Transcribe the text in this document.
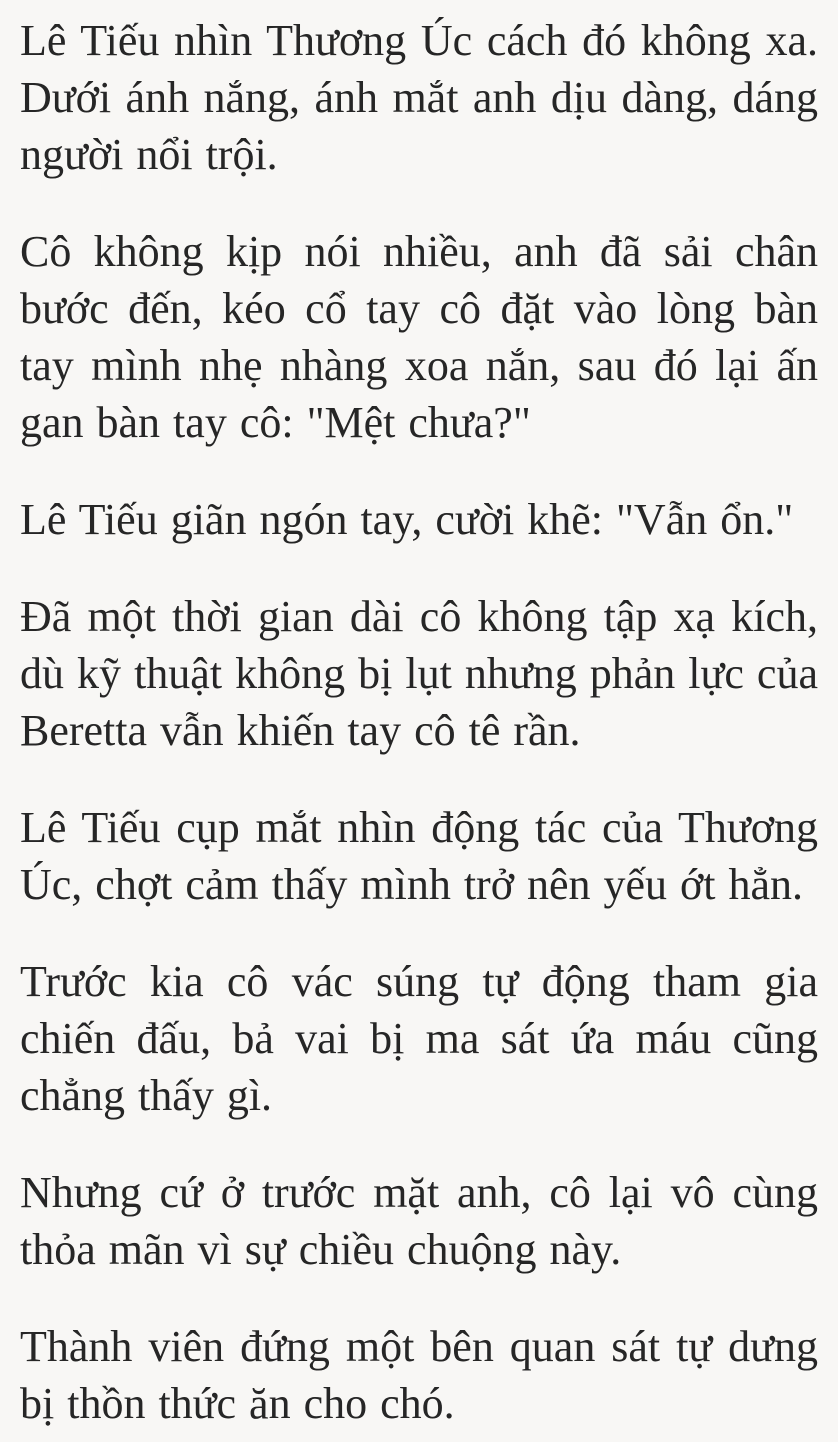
Lê Tiếu nhìn Thương Úc cách đó không xa. Dưới ánh nắng, ánh mắt anh dịu dàng, dáng người nổi trội.

Cô không kịp nói nhiều, anh đã sải chân bước đến, kéo cổ tay cô đặt vào lòng bàn tay mình nhẹ nhàng xoa nắn, sau đó lại ấn gan bàn tay cô: "Mệt chưa?"

Lê Tiếu giãn ngón tay, cười khẽ: "Vẫn ổn."

Đã một thời gian dài cô không tập xạ kích, dù kỹ thuật không bị lụt nhưng phản lực của Beretta vẫn khiến tay cô tê rần.

Lê Tiếu cụp mắt nhìn động tác của Thương Úc, chợt cảm thấy mình trở nên yếu ớt hẳn.

Trước kia cô vác súng tự động tham gia chiến đấu, bả vai bị ma sát ứa máu cũng chẳng thấy gì.

Nhưng cứ ở trước mặt anh, cô lại vô cùng thỏa mãn vì sự chiều chuộng này.

Thành viên đứng một bên quan sát tự dưng bị thồn thức ăn cho chó.
